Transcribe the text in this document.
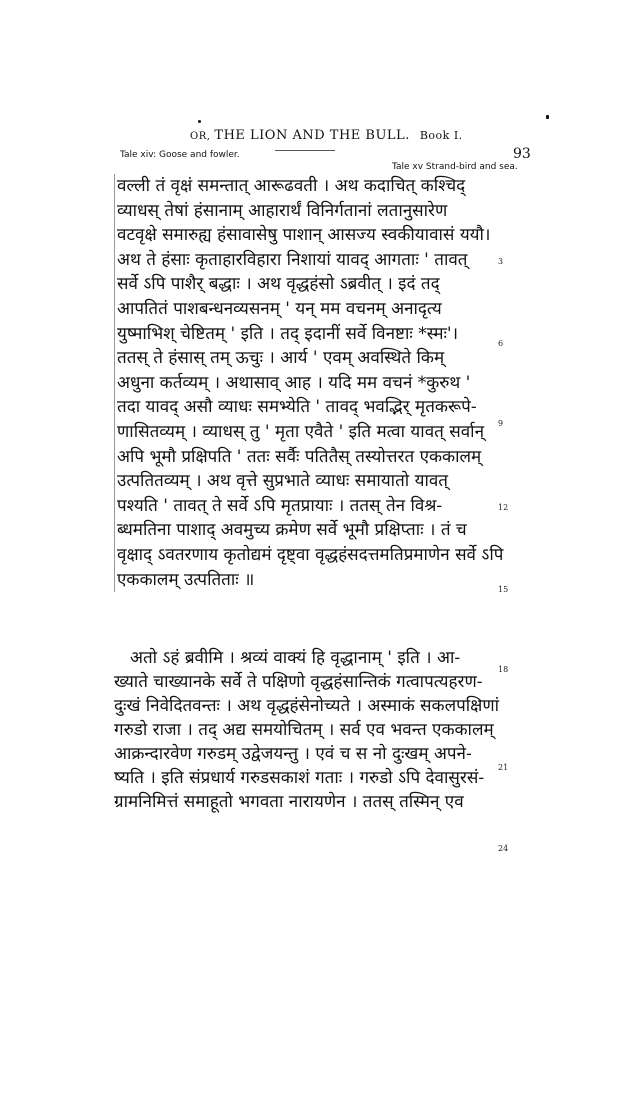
OR, THE LION AND THE BULL. Book I.
93
Tale xiv: Goose and fowler.
Tale xv Strand-bird and sea.
वल्ली तं वृक्षं समन्तात् आरूढवती । अथ कदाचित् कश्चिद्
व्याधस् तेषां हंसानाम् आहारार्थं विनिर्गतानां लतानुसारेण
वटवृक्षे समारुह्य हंसावासेषु पाशान् आसज्य स्वकीयावासं ययौ।
अथ ते हंसाः कृताहारविहारा निशायां यावद् आगताः ' तावत्
सर्वे ऽपि पाशैर् बद्धाः । अथ वृद्धहंसो ऽब्रवीत् । इदं तद्
आपतितं पाशबन्धनव्यसनम् ' यन् मम वचनम् अनादृत्य
युष्माभिश् चेष्टितम् ' इति । तद् इदानीं सर्वे विनष्टाः *स्मः'।
ततस् ते हंसास् तम् ऊचुः । आर्य ' एवम् अवस्थिते किम्
अधुना कर्तव्यम् । अथासाव् आह । यदि मम वचनं *कुरुथ '
तदा यावद् असौ व्याधः समभ्येति ' तावद् भवद्भिर् मृतकरूपे-
णासितव्यम् । व्याधस् तु ' मृता एवैते ' इति मत्वा यावत् सर्वान्
अपि भूमौ प्रक्षिपति ' ततः सर्वैः पतितैस् तस्योत्तरत एककालम्
उत्पतितव्यम् । अथ वृत्ते सुप्रभाते व्याधः समायातो यावत्
पश्यति ' तावत् ते सर्वे ऽपि मृतप्रायाः । ततस् तेन विश्र-
ब्धमतिना पाशाद् अवमुच्य क्रमेण सर्वे भूमौ प्रक्षिप्ताः । तं च
वृक्षाद् ऽवतरणाय कृतोद्यमं दृष्ट्वा वृद्धहंसदत्तमतिप्रमाणेन सर्वे ऽपि
एककालम् उत्पतिताः ॥
अतो ऽहं ब्रवीमि । श्रव्यं वाक्यं हि वृद्धानाम् ' इति । आ-
ख्याते चाख्यानके सर्वे ते पक्षिणो वृद्धहंसान्तिकं गत्वापत्यहरण-
दुःखं निवेदितवन्तः । अथ वृद्धहंसेनोच्यते । अस्माकं सकलपक्षिणां
गरुडो राजा । तद् अद्य समयोचितम् । सर्व एव भवन्त एककालम्
आक्रन्दारवेण गरुडम् उद्वेजयन्तु । एवं च स नो दुःखम् अपने-
ष्यति । इति संप्रधार्य गरुडसकाशं गताः । गरुडो ऽपि देवासुरसं-
ग्रामनिमित्तं समाहूतो भगवता नारायणेन । ततस् तस्मिन् एव
3
6
9
12
15
18
21
24
